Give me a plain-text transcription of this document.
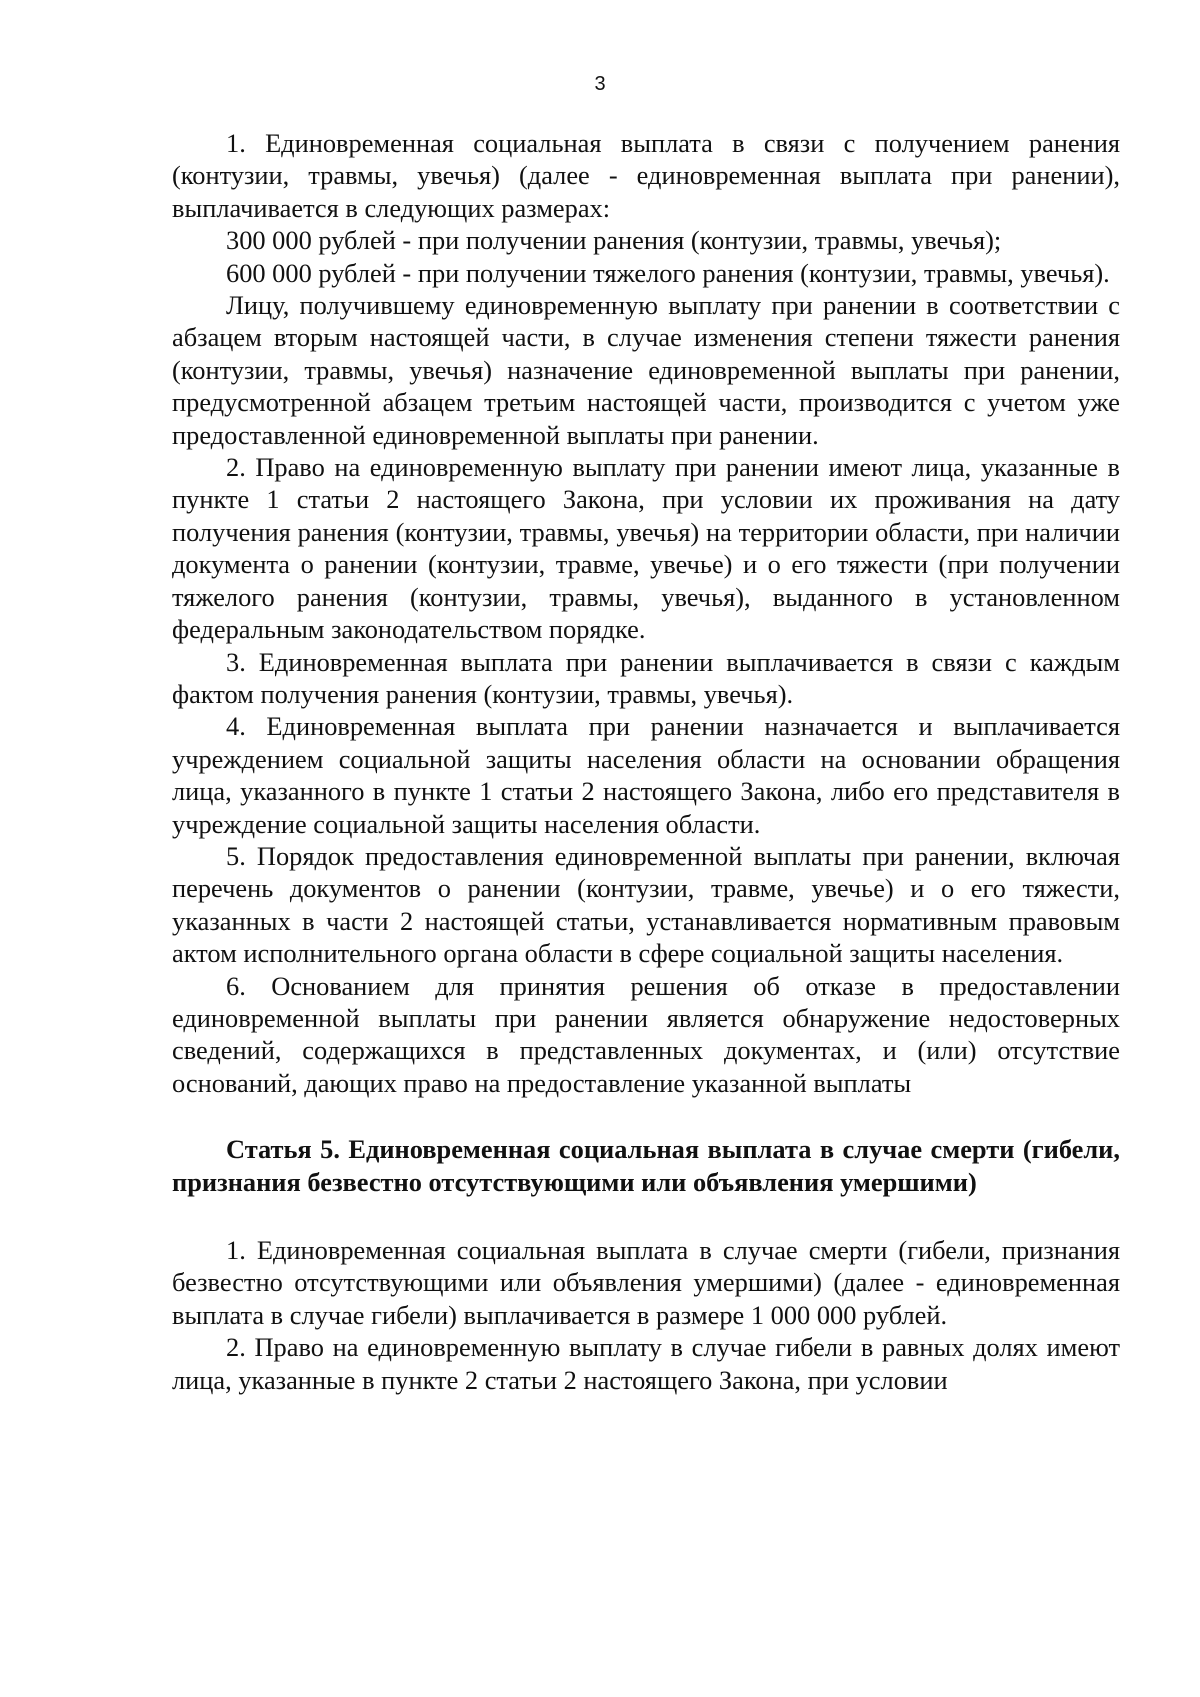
3

1. Единовременная социальная выплата в связи с получением ранения (контузии, травмы, увечья) (далее - единовременная выплата при ранении), выплачивается в следующих размерах:

300 000 рублей - при получении ранения (контузии, травмы, увечья);

600 000 рублей - при получении тяжелого ранения (контузии, травмы, увечья).

Лицу, получившему единовременную выплату при ранении в соответствии с абзацем вторым настоящей части, в случае изменения степени тяжести ранения (контузии, травмы, увечья) назначение единовременной выплаты при ранении, предусмотренной абзацем третьим настоящей части, производится с учетом уже предоставленной единовременной выплаты при ранении.

2. Право на единовременную выплату при ранении имеют лица, указанные в пункте 1 статьи 2 настоящего Закона, при условии их проживания на дату получения ранения (контузии, травмы, увечья) на территории области, при наличии документа о ранении (контузии, травме, увечье) и о его тяжести (при получении тяжелого ранения (контузии, травмы, увечья), выданного в установленном федеральным законодательством порядке.

3. Единовременная выплата при ранении выплачивается в связи с каждым фактом получения ранения (контузии, травмы, увечья).

4. Единовременная выплата при ранении назначается и выплачивается учреждением социальной защиты населения области на основании обращения лица, указанного в пункте 1 статьи 2 настоящего Закона, либо его представителя в учреждение социальной защиты населения области.

5. Порядок предоставления единовременной выплаты при ранении, включая перечень документов о ранении (контузии, травме, увечье) и о его тяжести, указанных в части 2 настоящей статьи, устанавливается нормативным правовым актом исполнительного органа области в сфере социальной защиты населения.

6. Основанием для принятия решения об отказе в предоставлении единовременной выплаты при ранении является обнаружение недостоверных сведений, содержащихся в представленных документах, и (или) отсутствие оснований, дающих право на предоставление указанной выплаты

Статья 5. Единовременная социальная выплата в случае смерти (гибели, признания безвестно отсутствующими или объявления умершими)

1. Единовременная социальная выплата в случае смерти (гибели, признания безвестно отсутствующими или объявления умершими) (далее - единовременная выплата в случае гибели) выплачивается в размере 1 000 000 рублей.

2. Право на единовременную выплату в случае гибели в равных долях имеют лица, указанные в пункте 2 статьи 2 настоящего Закона, при условии
